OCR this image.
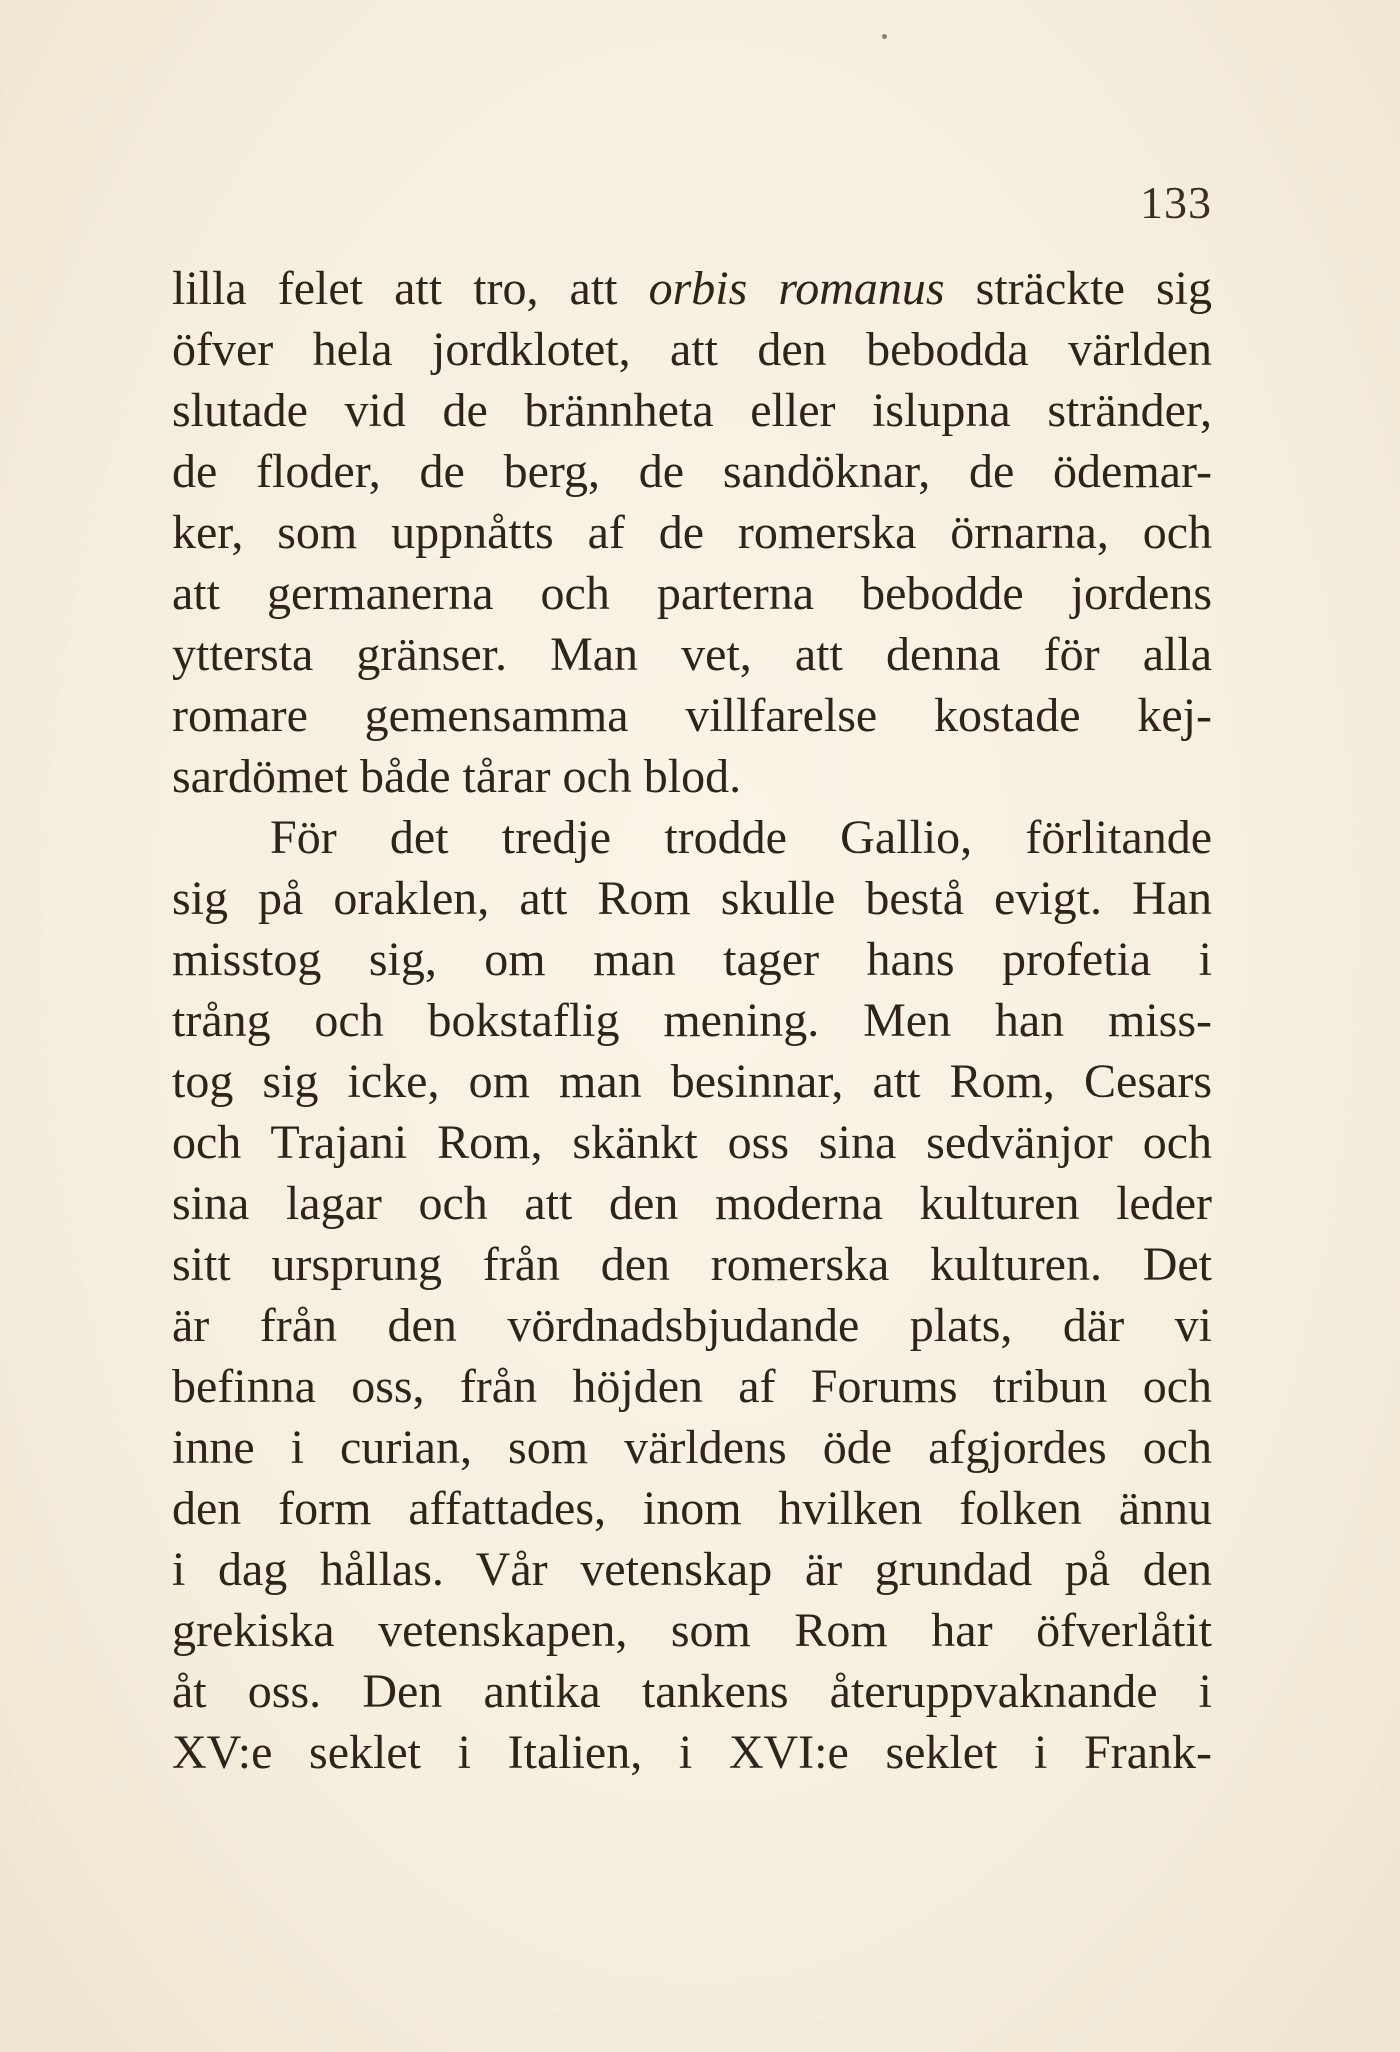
133
lilla felet att tro, att orbis romanus sträckte sig
öfver hela jordklotet, att den bebodda världen
slutade vid de brännheta eller islupna stränder,
de floder, de berg, de sandöknar, de ödemar-
ker, som uppnåtts af de romerska örnarna, och
att germanerna och parterna bebodde jordens
yttersta gränser. Man vet, att denna för alla
romare gemensamma villfarelse kostade kej-
sardömet både tårar och blod.
För det tredje trodde Gallio, förlitande
sig på oraklen, att Rom skulle bestå evigt. Han
misstog sig, om man tager hans profetia i
trång och bokstaflig mening. Men han miss-
tog sig icke, om man besinnar, att Rom, Cesars
och Trajani Rom, skänkt oss sina sedvänjor och
sina lagar och att den moderna kulturen leder
sitt ursprung från den romerska kulturen. Det
är från den vördnadsbjudande plats, där vi
befinna oss, från höjden af Forums tribun och
inne i curian, som världens öde afgjordes och
den form affattades, inom hvilken folken ännu
i dag hållas. Vår vetenskap är grundad på den
grekiska vetenskapen, som Rom har öfverlåtit
åt oss. Den antika tankens återuppvaknande i
XV:e seklet i Italien, i XVI:e seklet i Frank-
